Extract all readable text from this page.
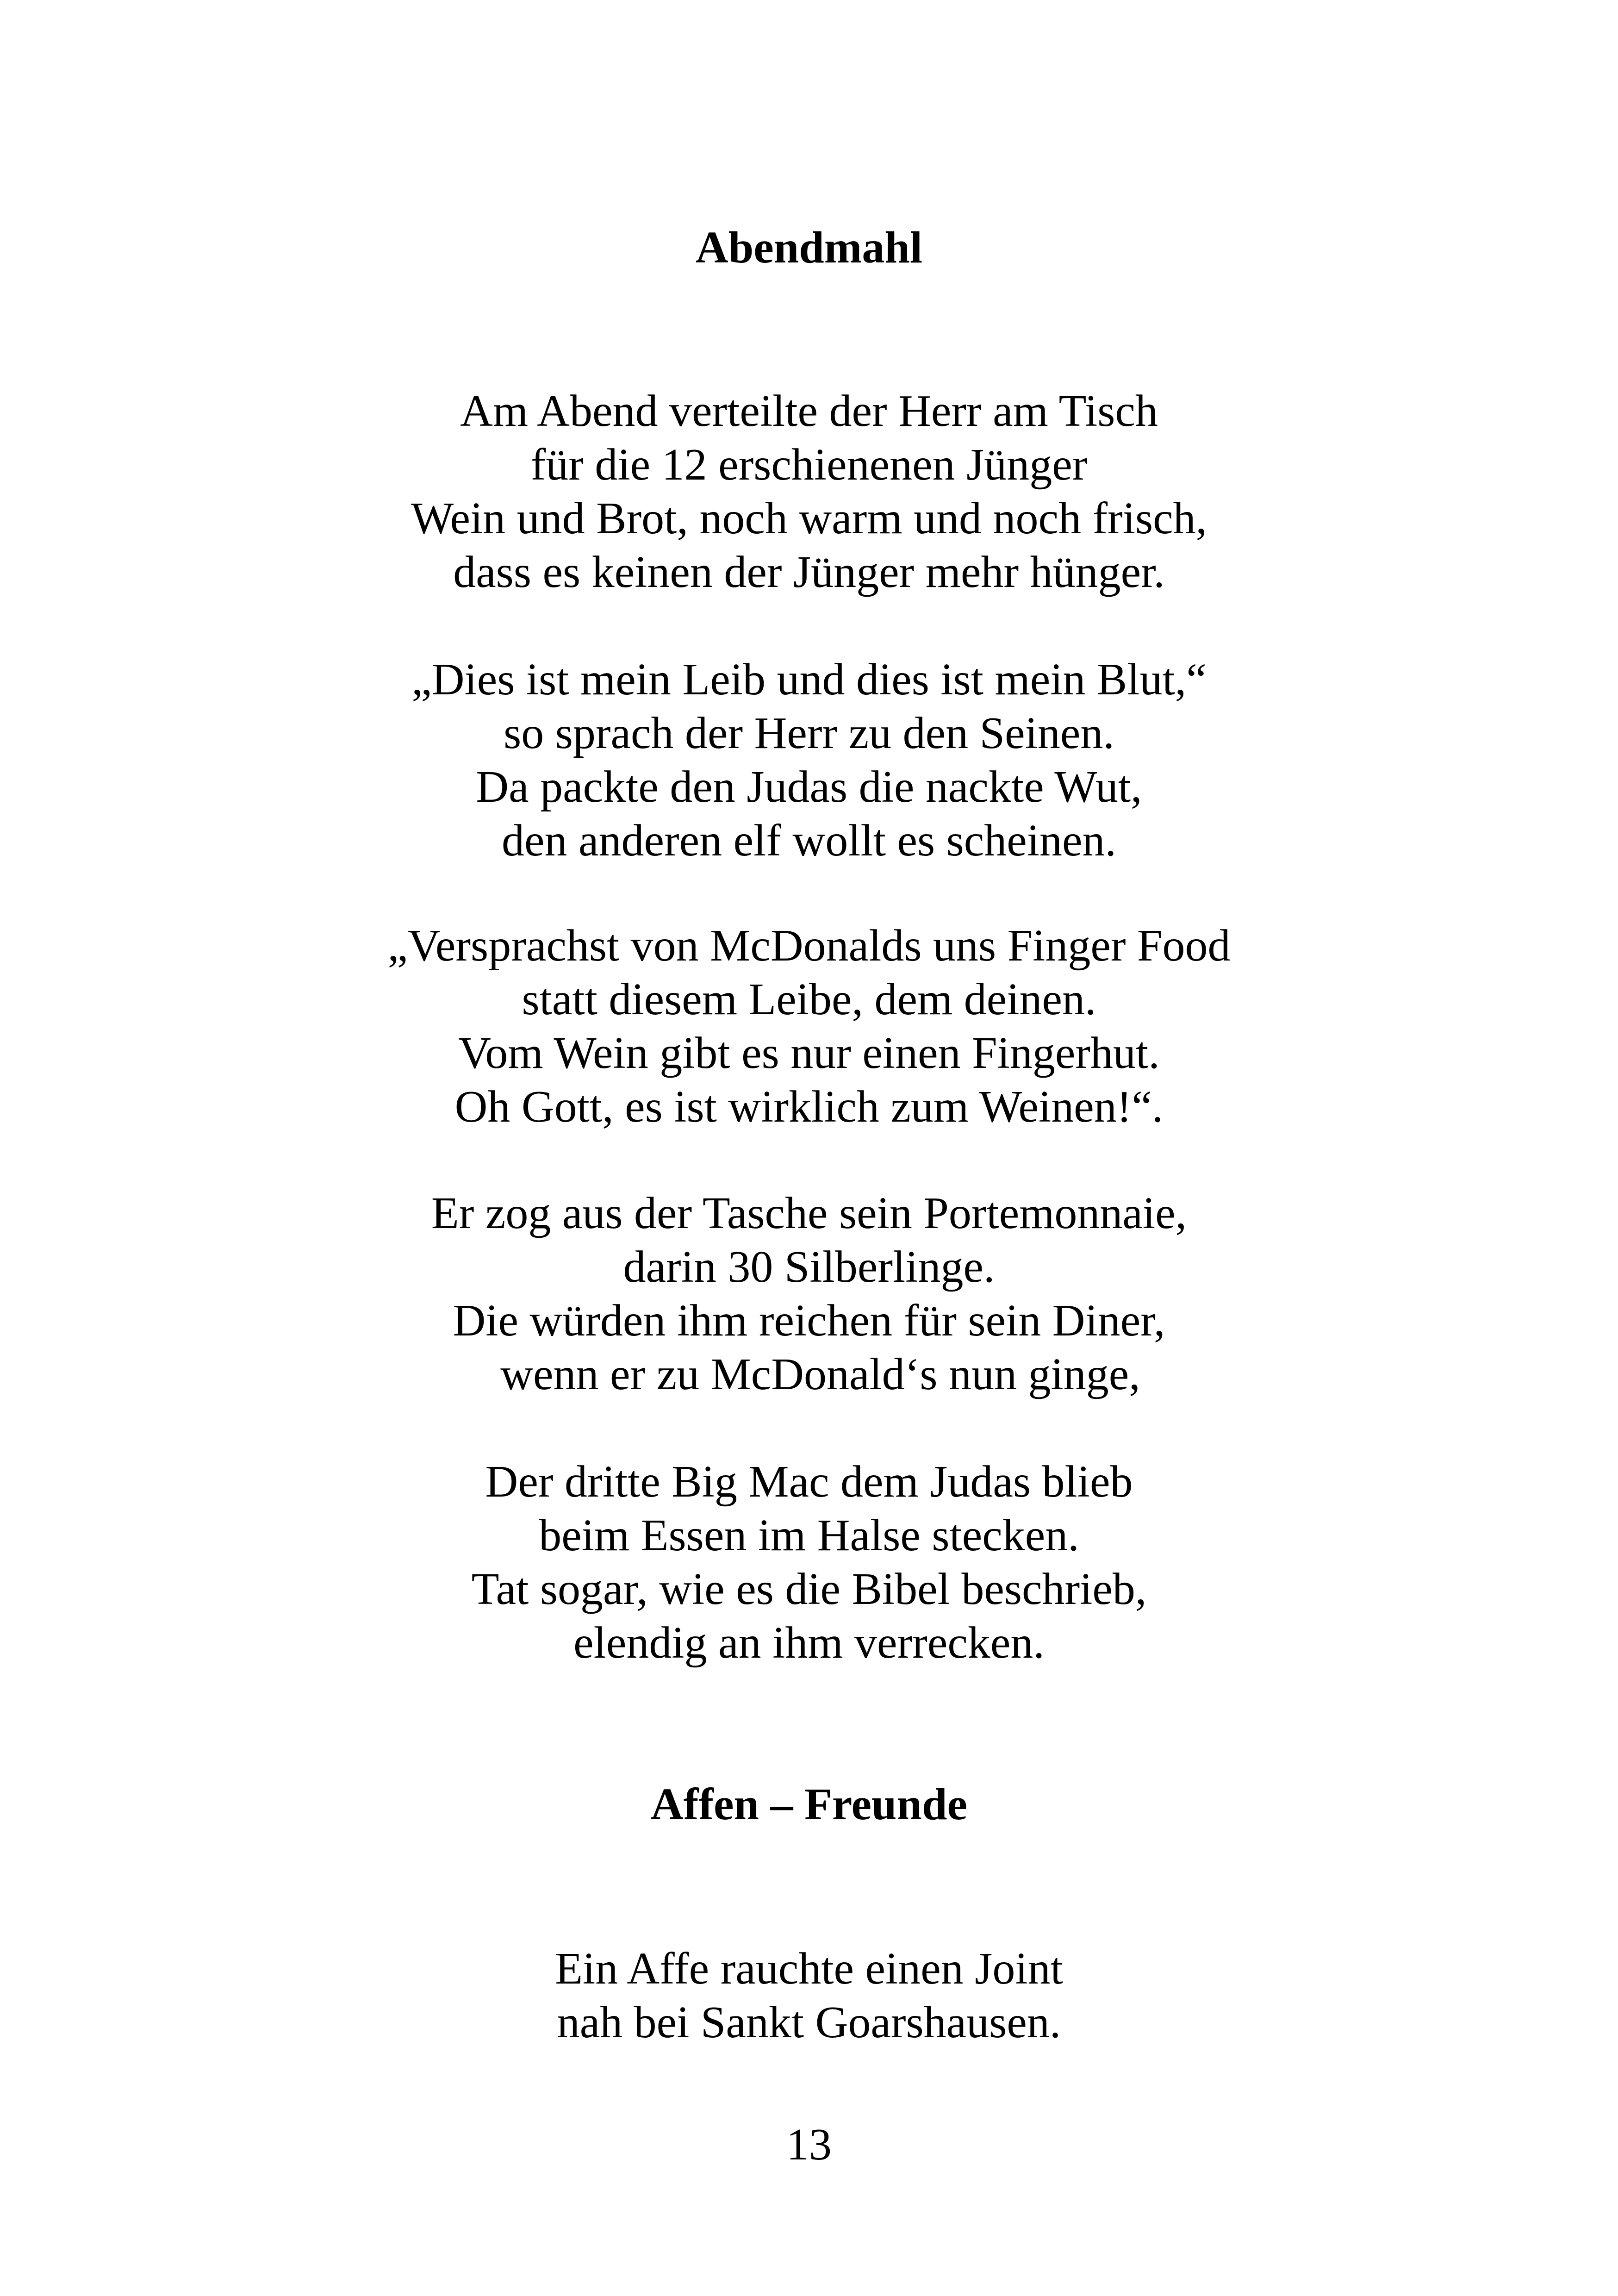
Abendmahl
Am Abend verteilte der Herr am Tisch
für die 12 erschienenen Jünger
Wein und Brot, noch warm und noch frisch,
dass es keinen der Jünger mehr hünger.
„Dies ist mein Leib und dies ist mein Blut,“
so sprach der Herr zu den Seinen.
Da packte den Judas die nackte Wut,
den anderen elf wollt es scheinen.
„Versprachst von McDonalds uns Finger Food
statt diesem Leibe, dem deinen.
Vom Wein gibt es nur einen Fingerhut.
Oh Gott, es ist wirklich zum Weinen!“.
Er zog aus der Tasche sein Portemonnaie,
darin 30 Silberlinge.
Die würden ihm reichen für sein Diner,
wenn er zu McDonald‘s nun ginge,
Der dritte Big Mac dem Judas blieb
beim Essen im Halse stecken.
Tat sogar, wie es die Bibel beschrieb,
elendig an ihm verrecken.
Affen – Freunde
Ein Affe rauchte einen Joint
nah bei Sankt Goarshausen.
13
